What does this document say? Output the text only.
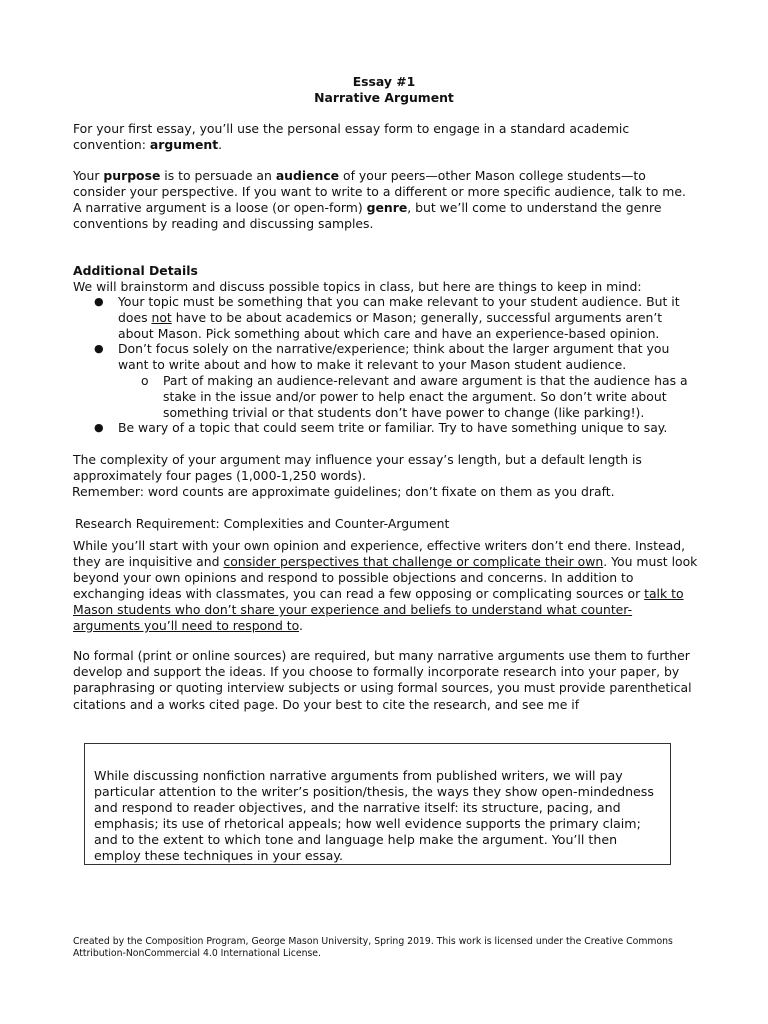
Essay #1
Narrative Argument
For your first essay, you’ll use the personal essay form to engage in a standard academic convention: argument.
Your purpose is to persuade an audience of your peers—other Mason college students—to consider your perspective. If you want to write to a different or more specific audience, talk to me. A narrative argument is a loose (or open-form) genre, but we’ll come to understand the genre conventions by reading and discussing samples.
Additional Details
We will brainstorm and discuss possible topics in class, but here are things to keep in mind:
● Your topic must be something that you can make relevant to your student audience. But it does not have to be about academics or Mason; generally, successful arguments aren’t about Mason. Pick something about which care and have an experience-based opinion.
● Don’t focus solely on the narrative/experience; think about the larger argument that you want to write about and how to make it relevant to your Mason student audience.
o Part of making an audience-relevant and aware argument is that the audience has a stake in the issue and/or power to help enact the argument. So don’t write about something trivial or that students don’t have power to change (like parking!).
● Be wary of a topic that could seem trite or familiar. Try to have something unique to say.
The complexity of your argument may influence your essay’s length, but a default length is approximately four pages (1,000-1,250 words).
Remember: word counts are approximate guidelines; don’t fixate on them as you draft.
Research Requirement: Complexities and Counter-Argument
While you’ll start with your own opinion and experience, effective writers don’t end there. Instead, they are inquisitive and consider perspectives that challenge or complicate their own. You must look beyond your own opinions and respond to possible objections and concerns. In addition to exchanging ideas with classmates, you can read a few opposing or complicating sources or talk to Mason students who don’t share your experience and beliefs to understand what counter-arguments you’ll need to respond to.
No formal (print or online sources) are required, but many narrative arguments use them to further develop and support the ideas. If you choose to formally incorporate research into your paper, by paraphrasing or quoting interview subjects or using formal sources, you must provide parenthetical citations and a works cited page. Do your best to cite the research, and see me if
While discussing nonfiction narrative arguments from published writers, we will pay particular attention to the writer’s position/thesis, the ways they show open-mindedness and respond to reader objectives, and the narrative itself: its structure, pacing, and emphasis; its use of rhetorical appeals; how well evidence supports the primary claim; and to the extent to which tone and language help make the argument. You’ll then employ these techniques in your essay.
Created by the Composition Program, George Mason University, Spring 2019. This work is licensed under the Creative Commons Attribution-NonCommercial 4.0 International License.
